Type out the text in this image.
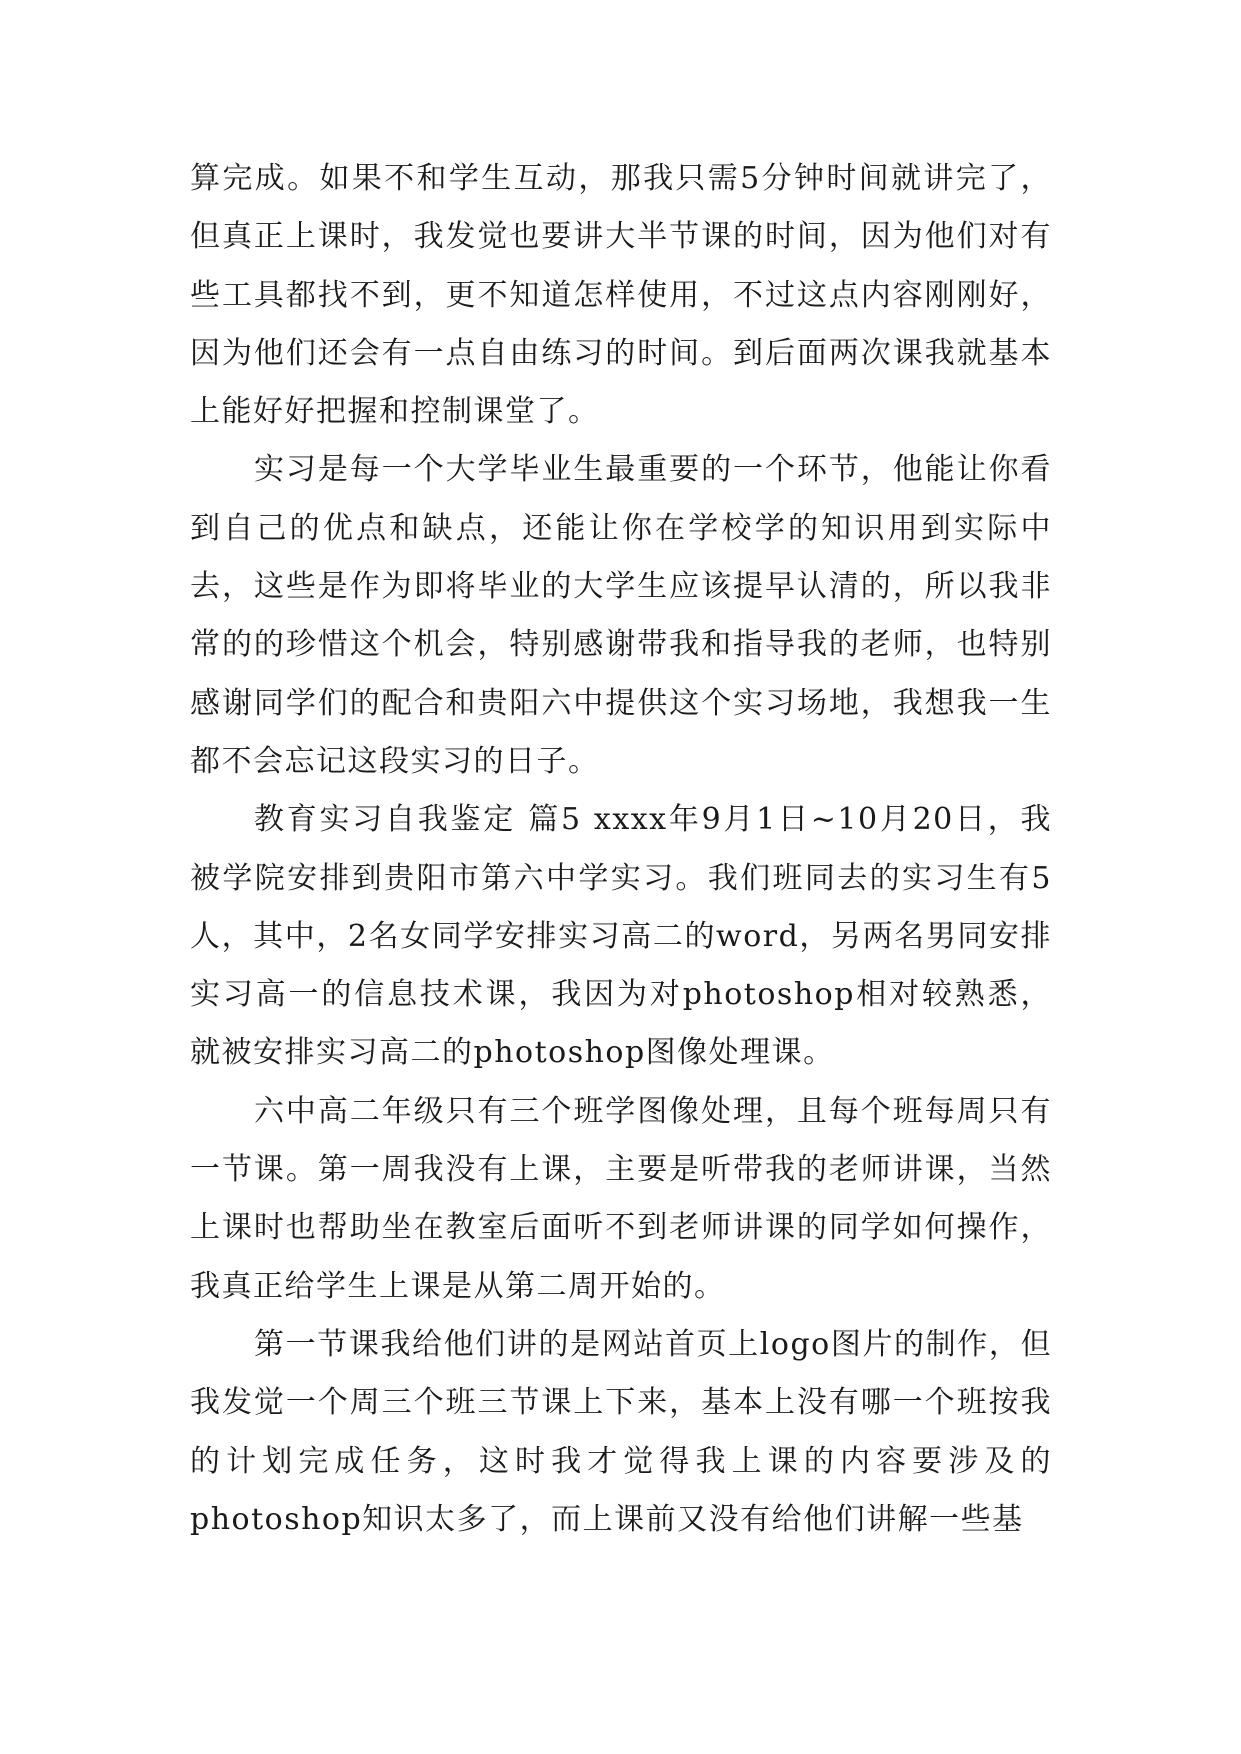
算完成。如果不和学生互动，那我只需5分钟时间就讲完了，但真正上课时，我发觉也要讲大半节课的时间，因为他们对有些工具都找不到，更不知道怎样使用，不过这点内容刚刚好，因为他们还会有一点自由练习的时间。到后面两次课我就基本上能好好把握和控制课堂了。

实习是每一个大学毕业生最重要的一个环节，他能让你看到自己的优点和缺点，还能让你在学校学的知识用到实际中去，这些是作为即将毕业的大学生应该提早认清的，所以我非常的的珍惜这个机会，特别感谢带我和指导我的老师，也特别感谢同学们的配合和贵阳六中提供这个实习场地，我想我一生都不会忘记这段实习的日子。

教育实习自我鉴定 篇5 xxxx年9月1日~10月20日，我被学院安排到贵阳市第六中学实习。我们班同去的实习生有5人，其中，2名女同学安排实习高二的word，另两名男同安排实习高一的信息技术课，我因为对photoshop相对较熟悉，就被安排实习高二的photoshop图像处理课。

六中高二年级只有三个班学图像处理，且每个班每周只有一节课。第一周我没有上课，主要是听带我的老师讲课，当然上课时也帮助坐在教室后面听不到老师讲课的同学如何操作，我真正给学生上课是从第二周开始的。

第一节课我给他们讲的是网站首页上logo图片的制作，但我发觉一个周三个班三节课上下来，基本上没有哪一个班按我的计划完成任务，这时我才觉得我上课的内容要涉及的photoshop知识太多了，而上课前又没有给他们讲解一些基
